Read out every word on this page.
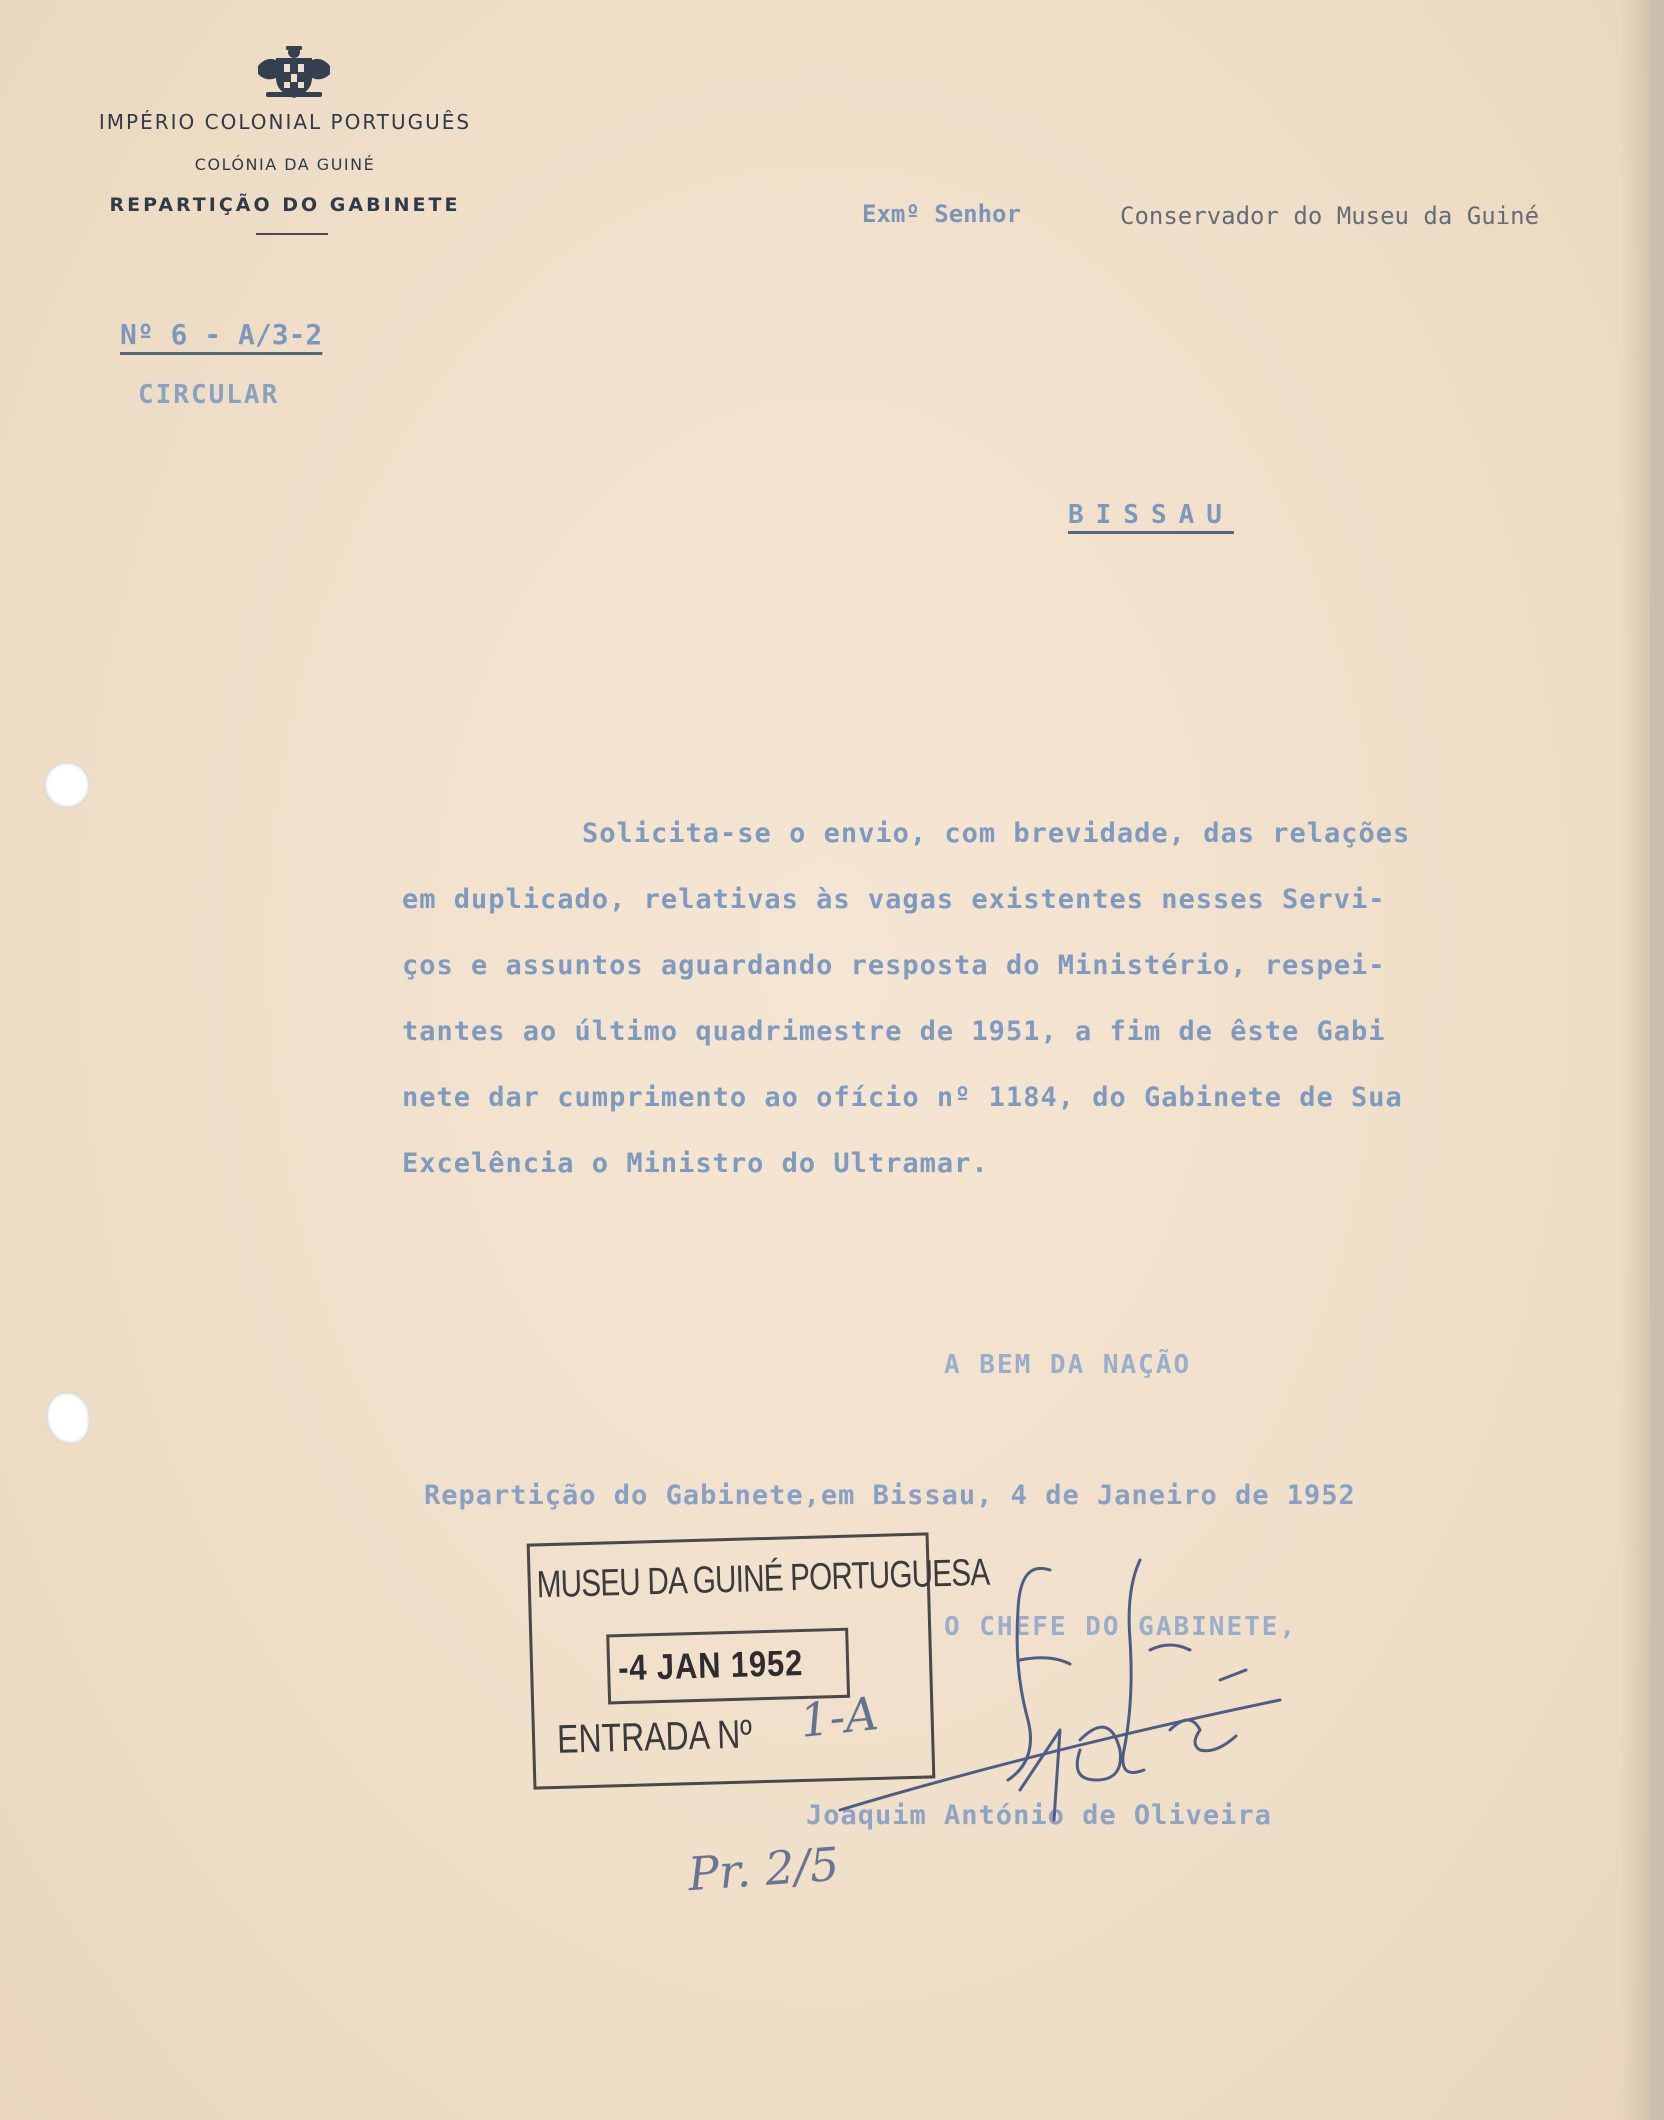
IMPÉRIO COLONIAL PORTUGUÊS
COLÓNIA DA GUINÉ
REPARTIÇÃO DO GABINETE	Exmº Senhor	Conservador do Museu da Guiné
Nº 6 - A/3-2
CIRCULAR
BISSAU
Solicita-se o envio, com brevidade, das relações
em duplicado, relativas às vagas existentes nesses Servi-
ços e assuntos aguardando resposta do Ministério, respei-
tantes ao último quadrimestre de 1951, a fim de êste Gabi
nete dar cumprimento ao ofício nº 1184, do Gabinete de Sua
Excelência o Ministro do Ultramar.
A BEM DA NAÇÃO
Repartição do Gabinete,em Bissau, 4 de Janeiro de 1952
O CHEFE DO GABINETE,
Joaquim António de Oliveira
MUSEU DA GUINÉ PORTUGUESA
-4 JAN 1952
ENTRADA Nº 1-A
Pr. 2/5
